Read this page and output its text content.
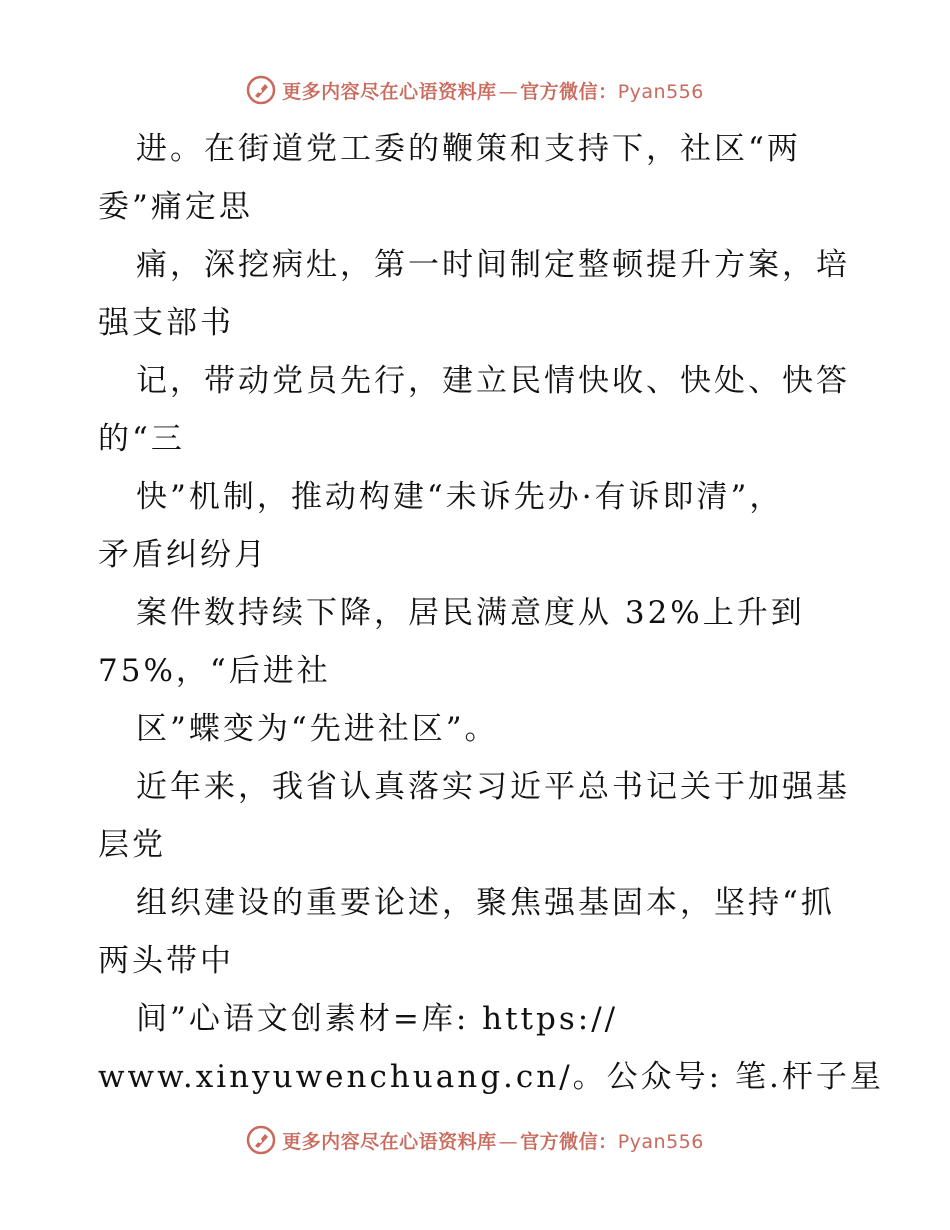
更多内容尽在心语资料库 — 官方微信：Pyan556
进。在街道党工委的鞭策和支持下，社区“两
委”痛定思
痛，深挖病灶，第一时间制定整顿提升方案，培
强支部书
记，带动党员先行，建立民情快收、快处、快答
的“三
快”机制，推动构建“未诉先办·有诉即清”，
矛盾纠纷月
案件数持续下降，居民满意度从 32%上升到
75%，“后进社
区”蝶变为“先进社区”。
近年来，我省认真落实习近平总书记关于加强基
层党
组织建设的重要论述，聚焦强基固本，坚持“抓
两头带中
间”心语文创素材=库: https://
www.xinyuwenchuang.cn/。公众号: 笔.杆子星
更多内容尽在心语资料库 — 官方微信：Pyan556
